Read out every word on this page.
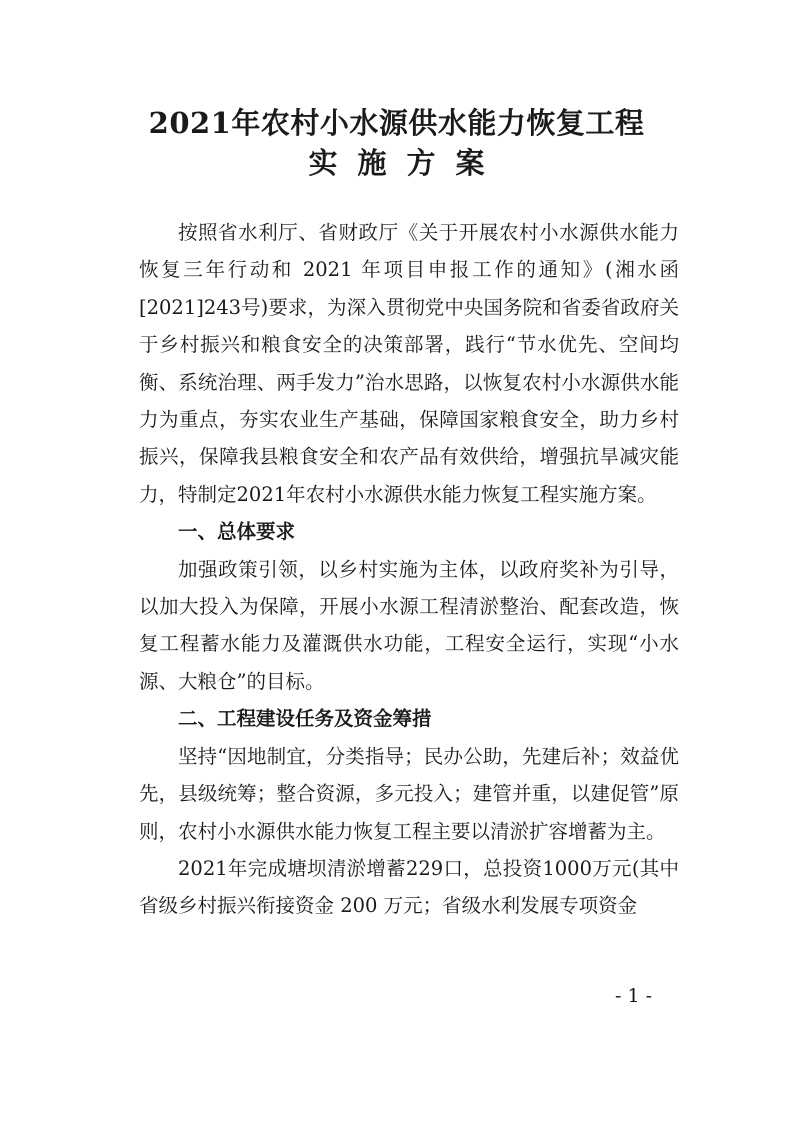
2021年农村小水源供水能力恢复工程
实施方案

按照省水利厅、省财政厅《关于开展农村小水源供水能力恢复三年行动和 2021 年项目申报工作的通知》(湘水函[2021]243号)要求，为深入贯彻党中央国务院和省委省政府关于乡村振兴和粮食安全的决策部署，践行“节水优先、空间均衡、系统治理、两手发力”治水思路，以恢复农村小水源供水能力为重点，夯实农业生产基础，保障国家粮食安全，助力乡村振兴，保障我县粮食安全和农产品有效供给，增强抗旱减灾能力，特制定2021年农村小水源供水能力恢复工程实施方案。

一、总体要求

加强政策引领，以乡村实施为主体，以政府奖补为引导，以加大投入为保障，开展小水源工程清淤整治、配套改造，恢复工程蓄水能力及灌溉供水功能，工程安全运行，实现“小水源、大粮仓”的目标。

二、工程建设任务及资金筹措

坚持“因地制宜，分类指导；民办公助，先建后补；效益优先，县级统筹；整合资源，多元投入；建管并重，以建促管”原则，农村小水源供水能力恢复工程主要以清淤扩容增蓄为主。

2021年完成塘坝清淤增蓄229口，总投资1000万元(其中省级乡村振兴衔接资金 200 万元；省级水利发展专项资金

- 1 -
